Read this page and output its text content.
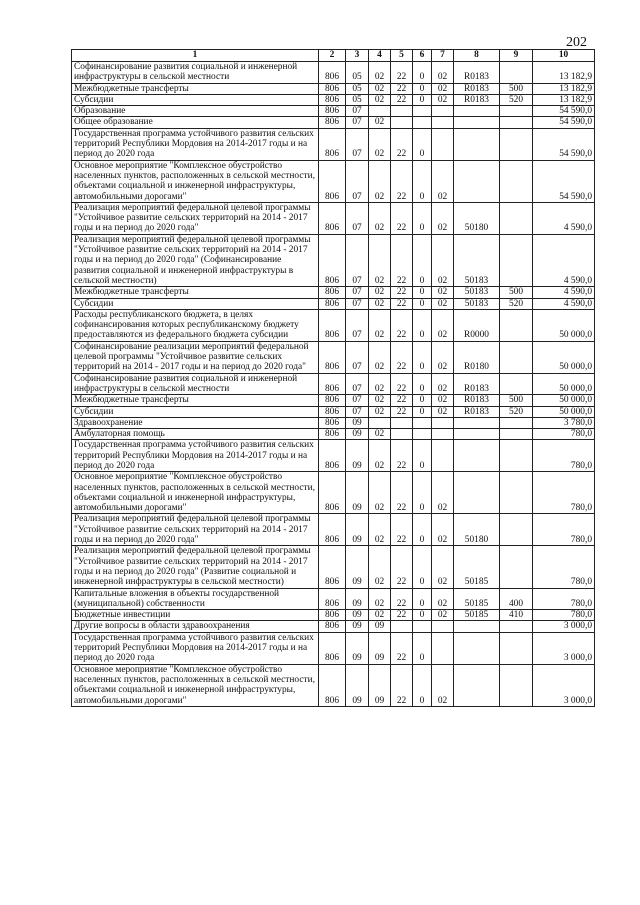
202
1	2	3	4	5	6	7	8	9	10
Софинансирование развития социальной и инженерной инфраструктуры в сельской местности	806	05	02	22	0	02	R0183		13 182,9
Межбюджетные трансферты	806	05	02	22	0	02	R0183	500	13 182,9
Субсидии	806	05	02	22	0	02	R0183	520	13 182,9
Образование	806	07							54 590,0
Общее образование	806	07	02						54 590,0
Государственная программа устойчивого развития сельских территорий Республики Мордовия на 2014-2017 годы и на период до 2020 года	806	07	02	22	0				54 590,0
Основное мероприятие "Комплексное обустройство населенных пунктов, расположенных в сельской местности, объектами социальной и инженерной инфраструктуры, автомобильными дорогами"	806	07	02	22	0	02			54 590,0
Реализация мероприятий федеральной целевой программы "Устойчивое развитие сельских территорий на 2014 - 2017 годы и на период до 2020 года"	806	07	02	22	0	02	50180		4 590,0
Реализация мероприятий федеральной целевой программы "Устойчивое развитие сельских территорий на 2014 - 2017 годы и на период до 2020 года" (Софинансирование развития социальной и инженерной инфраструктуры в сельской местности)	806	07	02	22	0	02	50183		4 590,0
Межбюджетные трансферты	806	07	02	22	0	02	50183	500	4 590,0
Субсидии	806	07	02	22	0	02	50183	520	4 590,0
Расходы республиканского бюджета, в целях софинансирования которых республиканскому бюджету предоставляются из федерального бюджета субсидии	806	07	02	22	0	02	R0000		50 000,0
Софинансирование реализации мероприятий федеральной целевой программы "Устойчивое развитие сельских территорий на 2014 - 2017 годы и на период до 2020 года"	806	07	02	22	0	02	R0180		50 000,0
Софинансирование развития социальной и инженерной инфраструктуры в сельской местности	806	07	02	22	0	02	R0183		50 000,0
Межбюджетные трансферты	806	07	02	22	0	02	R0183	500	50 000,0
Субсидии	806	07	02	22	0	02	R0183	520	50 000,0
Здравоохранение	806	09							3 780,0
Амбулаторная помощь	806	09	02						780,0
Государственная программа устойчивого развития сельских территорий Республики Мордовия на 2014-2017 годы и на период до 2020 года	806	09	02	22	0				780,0
Основное мероприятие "Комплексное обустройство населенных пунктов, расположенных в сельской местности, объектами социальной и инженерной инфраструктуры, автомобильными дорогами"	806	09	02	22	0	02			780,0
Реализация мероприятий федеральной целевой программы "Устойчивое развитие сельских территорий на 2014 - 2017 годы и на период до 2020 года"	806	09	02	22	0	02	50180		780,0
Реализация мероприятий федеральной целевой программы "Устойчивое развитие сельских территорий на 2014 - 2017 годы и на период до 2020 года" (Развитие социальной и инженерной инфраструктуры в сельской местности)	806	09	02	22	0	02	50185		780,0
Капитальные вложения в объекты государственной (муниципальной) собственности	806	09	02	22	0	02	50185	400	780,0
Бюджетные инвестиции	806	09	02	22	0	02	50185	410	780,0
Другие вопросы в области здравоохранения	806	09	09						3 000,0
Государственная программа устойчивого развития сельских территорий Республики Мордовия на 2014-2017 годы и на период до 2020 года	806	09	09	22	0				3 000,0
Основное мероприятие "Комплексное обустройство населенных пунктов, расположенных в сельской местности, объектами социальной и инженерной инфраструктуры, автомобильными дорогами"	806	09	09	22	0	02			3 000,0
